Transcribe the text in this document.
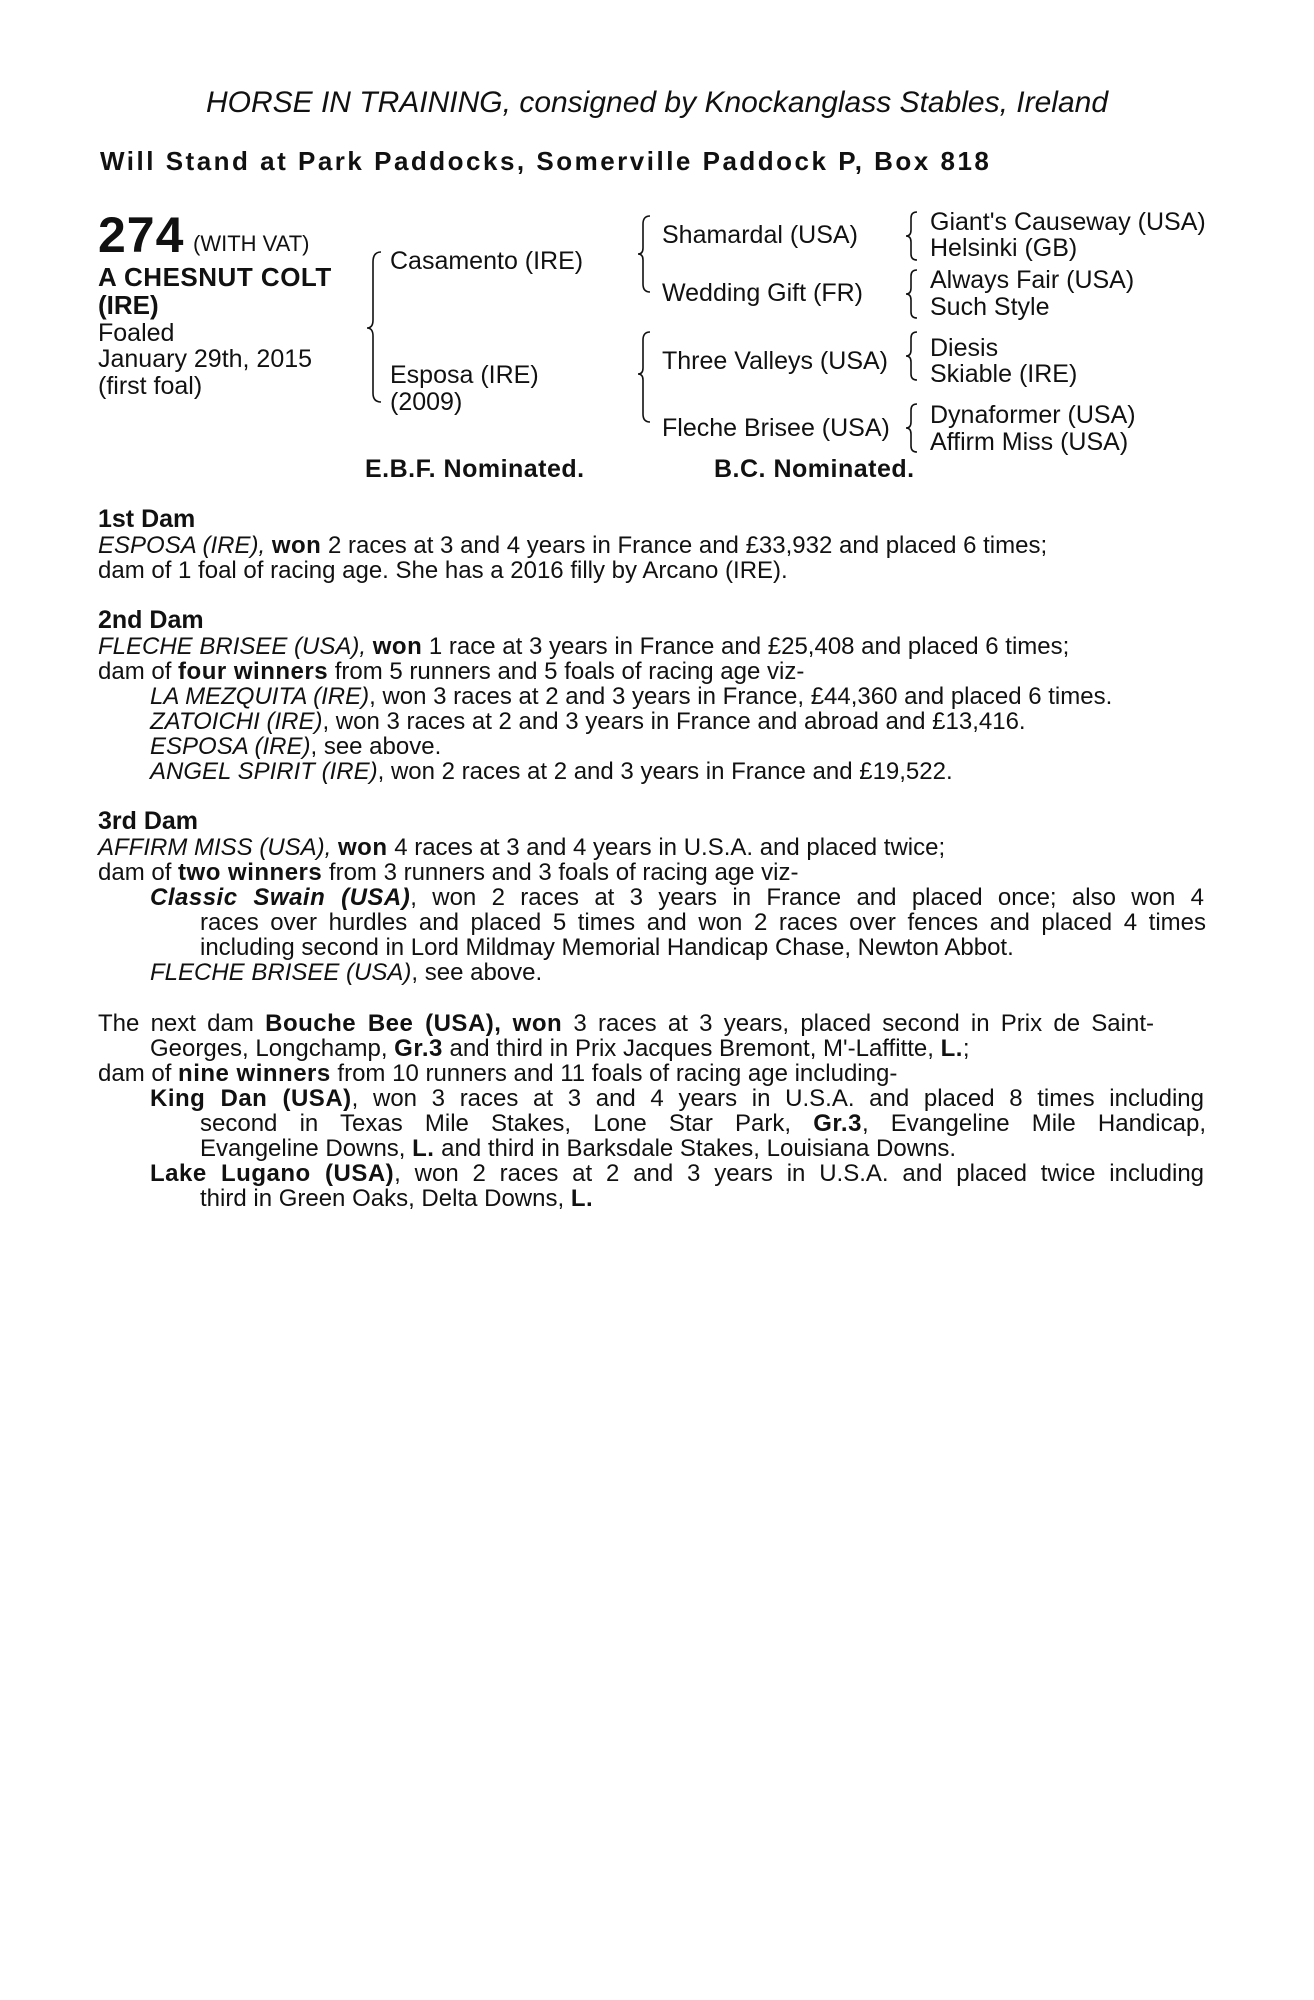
HORSE IN TRAINING, consigned by Knockanglass Stables, Ireland
Will Stand at Park Paddocks, Somerville Paddock P, Box 818
274 (WITH VAT)
A CHESNUT COLT
(IRE)
Foaled
January 29th, 2015
(first foal)
Casamento (IRE)
Esposa (IRE)
(2009)
Shamardal (USA)
Wedding Gift (FR)
Three Valleys (USA)
Fleche Brisee (USA)
Giant's Causeway (USA)
Helsinki (GB)
Always Fair (USA)
Such Style
Diesis
Skiable (IRE)
Dynaformer (USA)
Affirm Miss (USA)
E.B.F. Nominated.	B.C. Nominated.
1st Dam
ESPOSA (IRE), won 2 races at 3 and 4 years in France and £33,932 and placed 6 times;
dam of 1 foal of racing age. She has a 2016 filly by Arcano (IRE).
2nd Dam
FLECHE BRISEE (USA), won 1 race at 3 years in France and £25,408 and placed 6 times;
dam of four winners from 5 runners and 5 foals of racing age viz-
LA MEZQUITA (IRE), won 3 races at 2 and 3 years in France, £44,360 and placed 6 times.
ZATOICHI (IRE), won 3 races at 2 and 3 years in France and abroad and £13,416.
ESPOSA (IRE), see above.
ANGEL SPIRIT (IRE), won 2 races at 2 and 3 years in France and £19,522.
3rd Dam
AFFIRM MISS (USA), won 4 races at 3 and 4 years in U.S.A. and placed twice;
dam of two winners from 3 runners and 3 foals of racing age viz-
Classic Swain (USA), won 2 races at 3 years in France and placed once; also won 4
races over hurdles and placed 5 times and won 2 races over fences and placed 4 times
including second in Lord Mildmay Memorial Handicap Chase, Newton Abbot.
FLECHE BRISEE (USA), see above.
The next dam Bouche Bee (USA), won 3 races at 3 years, placed second in Prix de Saint-
Georges, Longchamp, Gr.3 and third in Prix Jacques Bremont, M'-Laffitte, L.;
dam of nine winners from 10 runners and 11 foals of racing age including-
King Dan (USA), won 3 races at 3 and 4 years in U.S.A. and placed 8 times including
second in Texas Mile Stakes, Lone Star Park, Gr.3, Evangeline Mile Handicap,
Evangeline Downs, L. and third in Barksdale Stakes, Louisiana Downs.
Lake Lugano (USA), won 2 races at 2 and 3 years in U.S.A. and placed twice including
third in Green Oaks, Delta Downs, L.
